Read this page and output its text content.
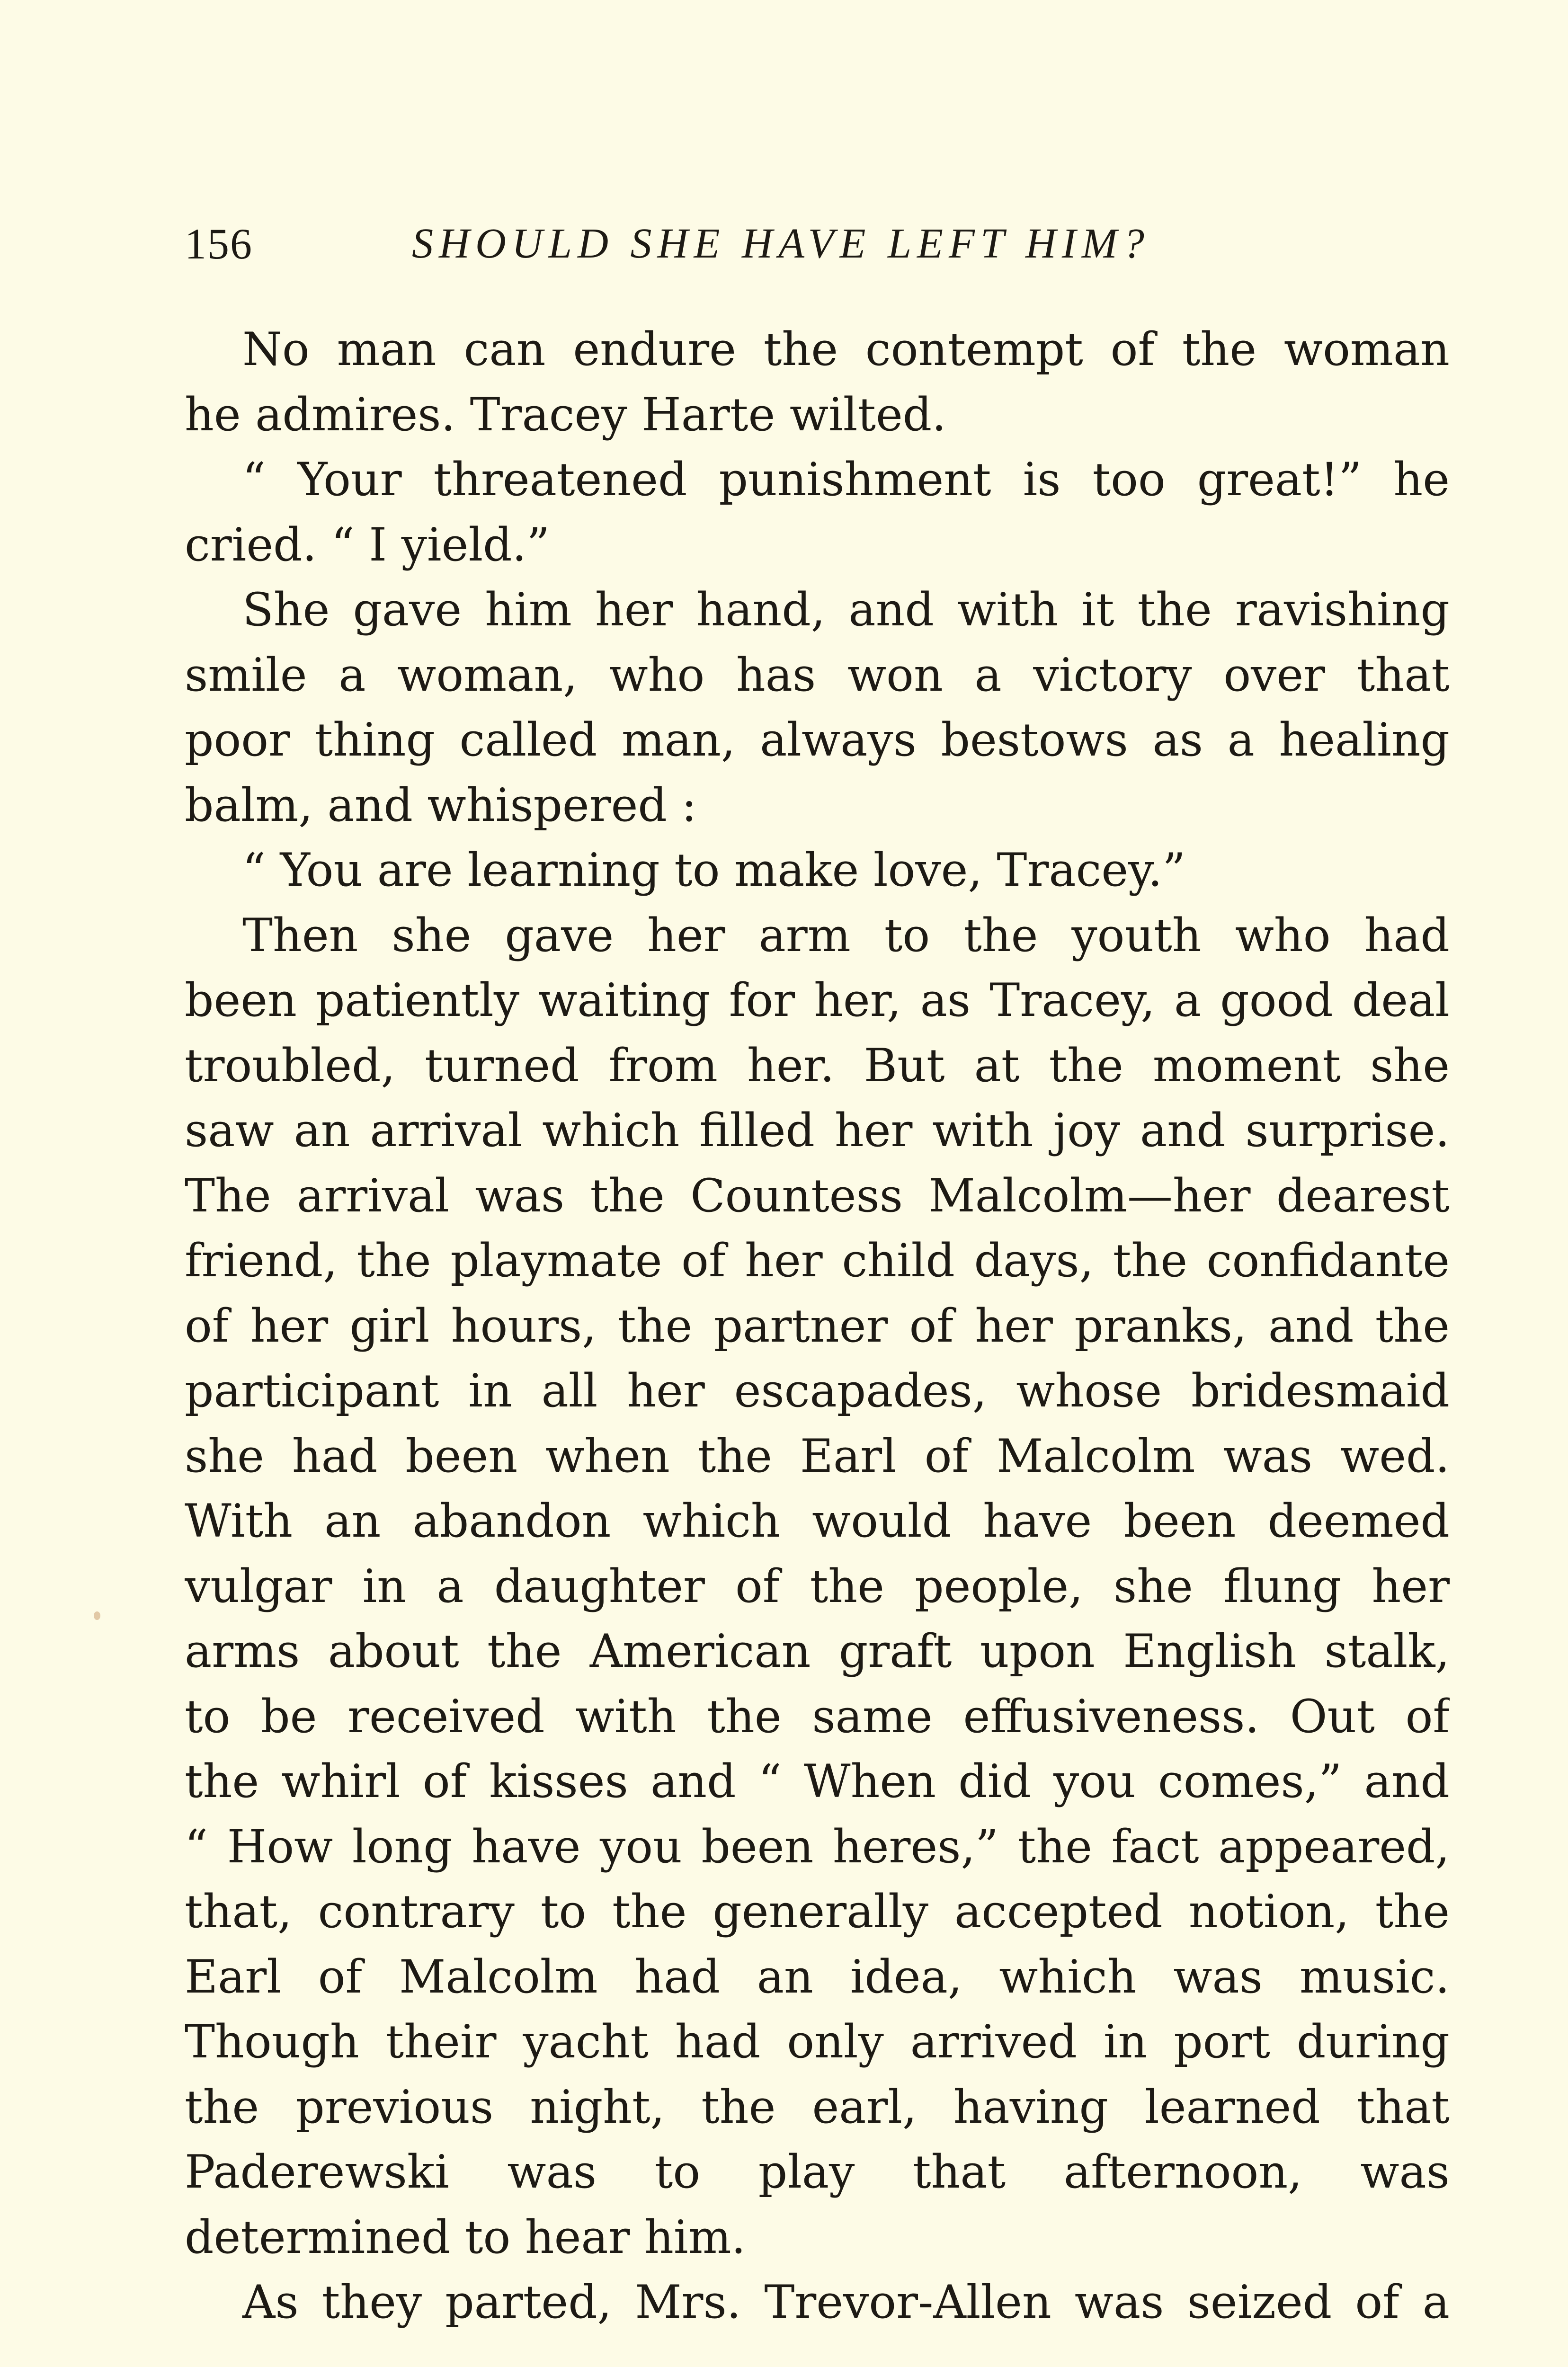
156	SHOULD SHE HAVE LEFT HIM?
No man can endure the contempt of the woman
he admires. Tracey Harte wilted.
“ Your threatened punishment is too great!” he
cried. “ I yield.”
She gave him her hand, and with it the ravishing
smile a woman, who has won a victory over that
poor thing called man, always bestows as a healing
balm, and whispered :
“ You are learning to make love, Tracey.”
Then she gave her arm to the youth who had
been patiently waiting for her, as Tracey, a good deal
troubled, turned from her. But at the moment she
saw an arrival which filled her with joy and surprise.
The arrival was the Countess Malcolm—her dearest
friend, the playmate of her child days, the confidante
of her girl hours, the partner of her pranks, and the
participant in all her escapades, whose bridesmaid
she had been when the Earl of Malcolm was wed.
With an abandon which would have been deemed
vulgar in a daughter of the people, she flung her
arms about the American graft upon English stalk,
to be received with the same effusiveness. Out of
the whirl of kisses and “ When did you comes,” and
“ How long have you been heres,” the fact appeared,
that, contrary to the generally accepted notion, the
Earl of Malcolm had an idea, which was music.
Though their yacht had only arrived in port during
the previous night, the earl, having learned that
Paderewski was to play that afternoon, was
determined to hear him.
As they parted, Mrs. Trevor-Allen was seized of a
